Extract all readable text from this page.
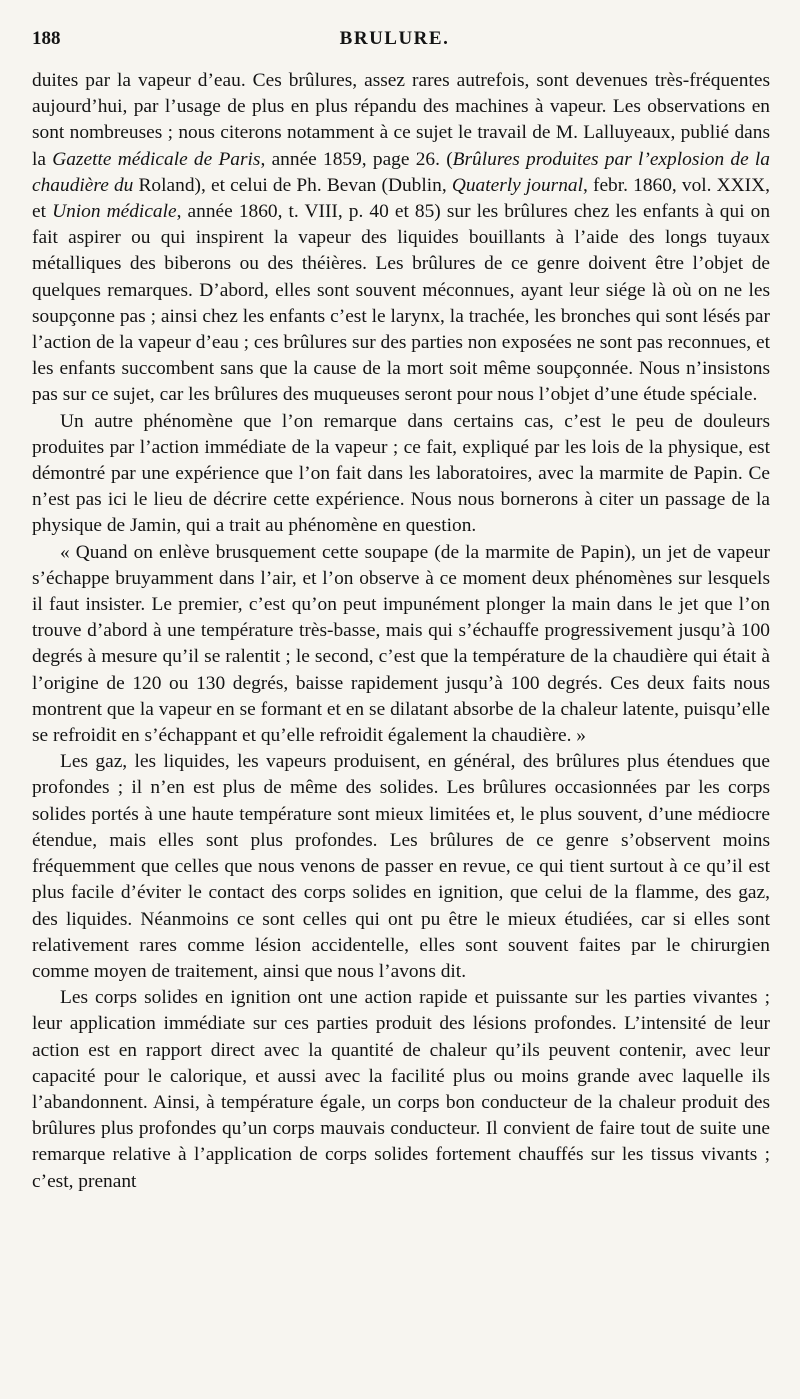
188	BRULURE.

duites par la vapeur d’eau. Ces brûlures, assez rares autrefois, sont devenues très-fréquentes aujourd’hui, par l’usage de plus en plus répandu des machines à vapeur. Les observations en sont nombreuses ; nous citerons notamment à ce sujet le travail de M. Lalluyeaux, publié dans la Gazette médicale de Paris, année 1859, page 26. (Brûlures produites par l’explosion de la chaudière du Roland), et celui de Ph. Bevan (Dublin, Quaterly journal, febr. 1860, vol. XXIX, et Union médicale, année 1860, t. VIII, p. 40 et 85) sur les brûlures chez les enfants à qui on fait aspirer ou qui inspirent la vapeur des liquides bouillants à l’aide des longs tuyaux métalliques des biberons ou des théières. Les brûlures de ce genre doivent être l’objet de quelques remarques. D’abord, elles sont souvent méconnues, ayant leur siége là où on ne les soupçonne pas ; ainsi chez les enfants c’est le larynx, la trachée, les bronches qui sont lésés par l’action de la vapeur d’eau ; ces brûlures sur des parties non exposées ne sont pas reconnues, et les enfants succombent sans que la cause de la mort soit même soupçonnée. Nous n’insistons pas sur ce sujet, car les brûlures des muqueuses seront pour nous l’objet d’une étude spéciale.

Un autre phénomène que l’on remarque dans certains cas, c’est le peu de douleurs produites par l’action immédiate de la vapeur ; ce fait, expliqué par les lois de la physique, est démontré par une expérience que l’on fait dans les laboratoires, avec la marmite de Papin. Ce n’est pas ici le lieu de décrire cette expérience. Nous nous bornerons à citer un passage de la physique de Jamin, qui a trait au phénomène en question.

« Quand on enlève brusquement cette soupape (de la marmite de Papin), un jet de vapeur s’échappe bruyamment dans l’air, et l’on observe à ce moment deux phénomènes sur lesquels il faut insister. Le premier, c’est qu’on peut impunément plonger la main dans le jet que l’on trouve d’abord à une température très-basse, mais qui s’échauffe progressivement jusqu’à 100 degrés à mesure qu’il se ralentit ; le second, c’est que la température de la chaudière qui était à l’origine de 120 ou 130 degrés, baisse rapidement jusqu’à 100 degrés. Ces deux faits nous montrent que la vapeur en se formant et en se dilatant absorbe de la chaleur latente, puisqu’elle se refroidit en s’échappant et qu’elle refroidit également la chaudière. »

Les gaz, les liquides, les vapeurs produisent, en général, des brûlures plus étendues que profondes ; il n’en est plus de même des solides. Les brûlures occasionnées par les corps solides portés à une haute température sont mieux limitées et, le plus souvent, d’une médiocre étendue, mais elles sont plus profondes. Les brûlures de ce genre s’observent moins fréquemment que celles que nous venons de passer en revue, ce qui tient surtout à ce qu’il est plus facile d’éviter le contact des corps solides en ignition, que celui de la flamme, des gaz, des liquides. Néanmoins ce sont celles qui ont pu être le mieux étudiées, car si elles sont relativement rares comme lésion accidentelle, elles sont souvent faites par le chirurgien comme moyen de traitement, ainsi que nous l’avons dit.

Les corps solides en ignition ont une action rapide et puissante sur les parties vivantes ; leur application immédiate sur ces parties produit des lésions profondes. L’intensité de leur action est en rapport direct avec la quantité de chaleur qu’ils peuvent contenir, avec leur capacité pour le calorique, et aussi avec la facilité plus ou moins grande avec laquelle ils l’abandonnent. Ainsi, à température égale, un corps bon conducteur de la chaleur produit des brûlures plus profondes qu’un corps mauvais conducteur. Il convient de faire tout de suite une remarque relative à l’application de corps solides fortement chauffés sur les tissus vivants ; c’est, prenant
